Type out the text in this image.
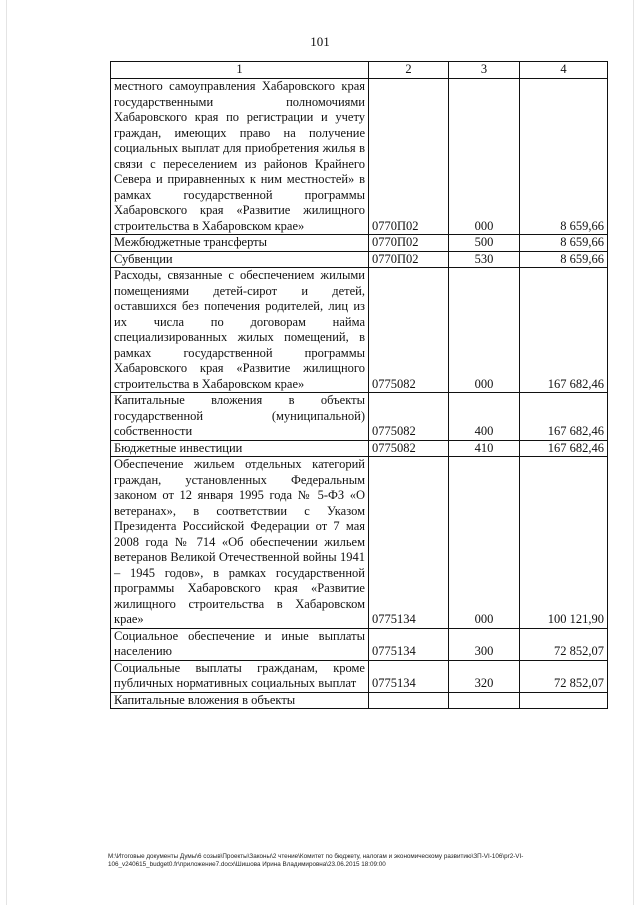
101
1	2	3	4
местного самоуправления Хабаровского края государственными полномочиями Хабаровского края по регистрации и учету граждан, имеющих право на получение социальных выплат для приобретения жилья в связи с переселением из районов Крайнего Севера и приравненных к ним местностей» в рамках государственной программы Хабаровского края «Развитие жилищного строительства в Хабаровском крае»	0770П02	000	8 659,66
Межбюджетные трансферты	0770П02	500	8 659,66
Субвенции	0770П02	530	8 659,66
Расходы, связанные с обеспечением жилыми помещениями детей-сирот и детей, оставшихся без попечения родителей, лиц из их числа по договорам найма специализированных жилых помещений, в рамках государственной программы Хабаровского края «Развитие жилищного строительства в Хабаровском крае»	0775082	000	167 682,46
Капитальные вложения в объекты государственной (муниципальной) собственности	0775082	400	167 682,46
Бюджетные инвестиции	0775082	410	167 682,46
Обеспечение жильем отдельных категорий граждан, установленных Федеральным законом от 12 января 1995 года № 5-ФЗ «О ветеранах», в соответствии с Указом Президента Российской Федерации от 7 мая 2008 года № 714 «Об обеспечении жильем ветеранов Великой Отечественной войны 1941 – 1945 годов», в рамках государственной программы Хабаровского края «Развитие жилищного строительства в Хабаровском крае»	0775134	000	100 121,90
Социальное обеспечение и иные выплаты населению	0775134	300	72 852,07
Социальные выплаты гражданам, кроме публичных нормативных социальных выплат	0775134	320	72 852,07
Капитальные вложения в объекты			
M:\Итоговые документы Думы\6 созыв\Проекты\Законы\2 чтение\Комитет по бюджету, налогам и экономическому развитию\ЗП-VI-106\pr2-VI-106_v240615_budget0.fr\приложение7.docx\Шишова Ирина Владимировна\23.06.2015 18:09:00
